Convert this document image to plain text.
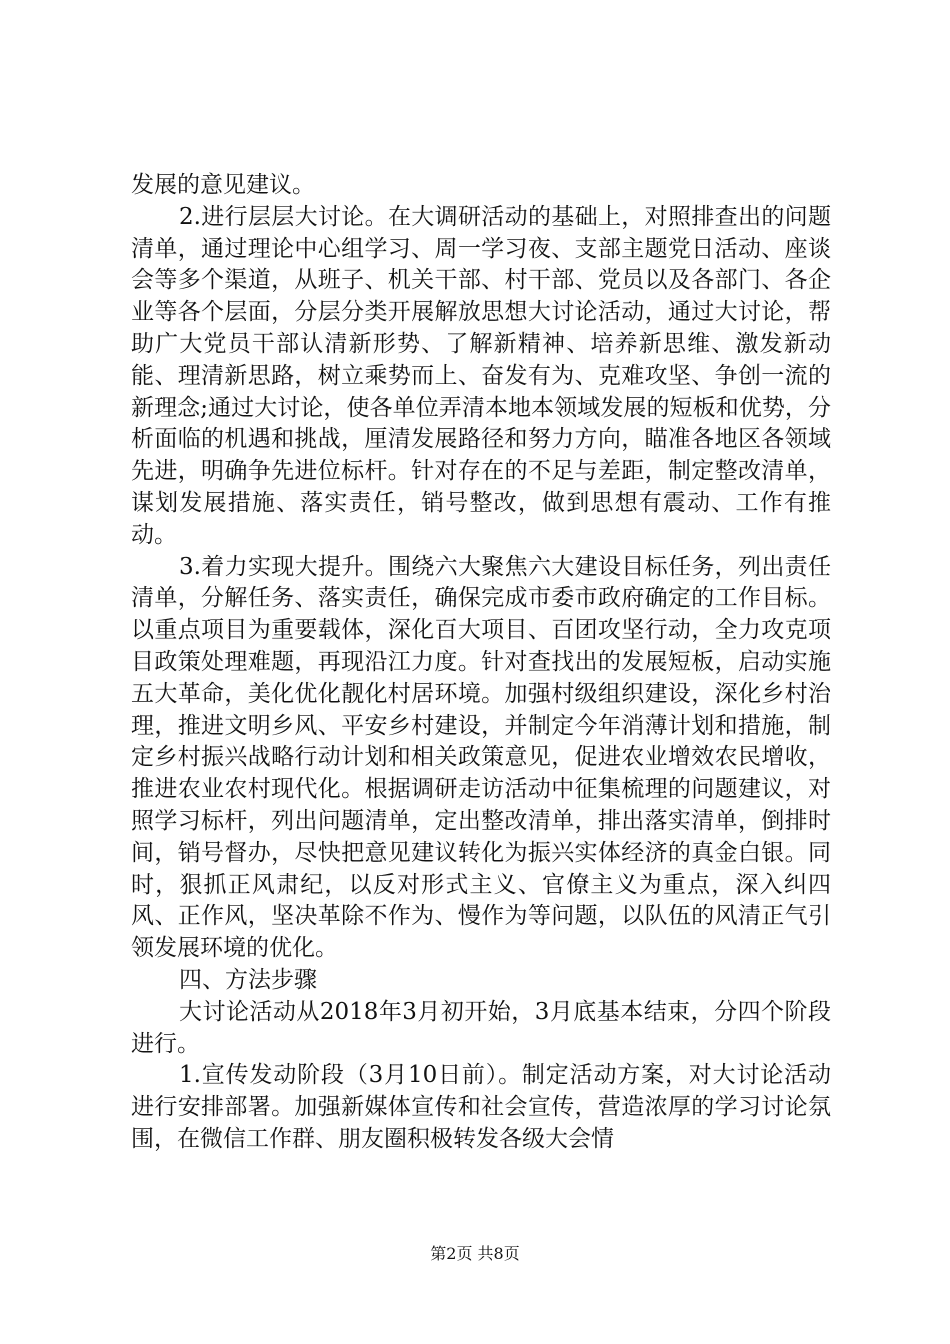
发展的意见建议。

2.进行层层大讨论。在大调研活动的基础上，对照排查出的问题清单，通过理论中心组学习、周一学习夜、支部主题党日活动、座谈会等多个渠道，从班子、机关干部、村干部、党员以及各部门、各企业等各个层面，分层分类开展解放思想大讨论活动，通过大讨论，帮助广大党员干部认清新形势、了解新精神、培养新思维、激发新动能、理清新思路，树立乘势而上、奋发有为、克难攻坚、争创一流的新理念;通过大讨论，使各单位弄清本地本领域发展的短板和优势，分析面临的机遇和挑战，厘清发展路径和努力方向，瞄准各地区各领域先进，明确争先进位标杆。针对存在的不足与差距，制定整改清单，谋划发展措施、落实责任，销号整改，做到思想有震动、工作有推动。

3.着力实现大提升。围绕六大聚焦六大建设目标任务，列出责任清单，分解任务、落实责任，确保完成市委市政府确定的工作目标。以重点项目为重要载体，深化百大项目、百团攻坚行动，全力攻克项目政策处理难题，再现沿江力度。针对查找出的发展短板，启动实施五大革命，美化优化靓化村居环境。加强村级组织建设，深化乡村治理，推进文明乡风、平安乡村建设，并制定今年消薄计划和措施，制定乡村振兴战略行动计划和相关政策意见，促进农业增效农民增收，推进农业农村现代化。根据调研走访活动中征集梳理的问题建议，对照学习标杆，列出问题清单，定出整改清单，排出落实清单，倒排时间，销号督办，尽快把意见建议转化为振兴实体经济的真金白银。同时，狠抓正风肃纪，以反对形式主义、官僚主义为重点，深入纠四风、正作风，坚决革除不作为、慢作为等问题，以队伍的风清正气引领发展环境的优化。

四、方法步骤

大讨论活动从2018年3月初开始，3月底基本结束，分四个阶段进行。

1.宣传发动阶段（3月10日前）。制定活动方案，对大讨论活动进行安排部署。加强新媒体宣传和社会宣传，营造浓厚的学习讨论氛围，在微信工作群、朋友圈积极转发各级大会情

第2页 共8页
